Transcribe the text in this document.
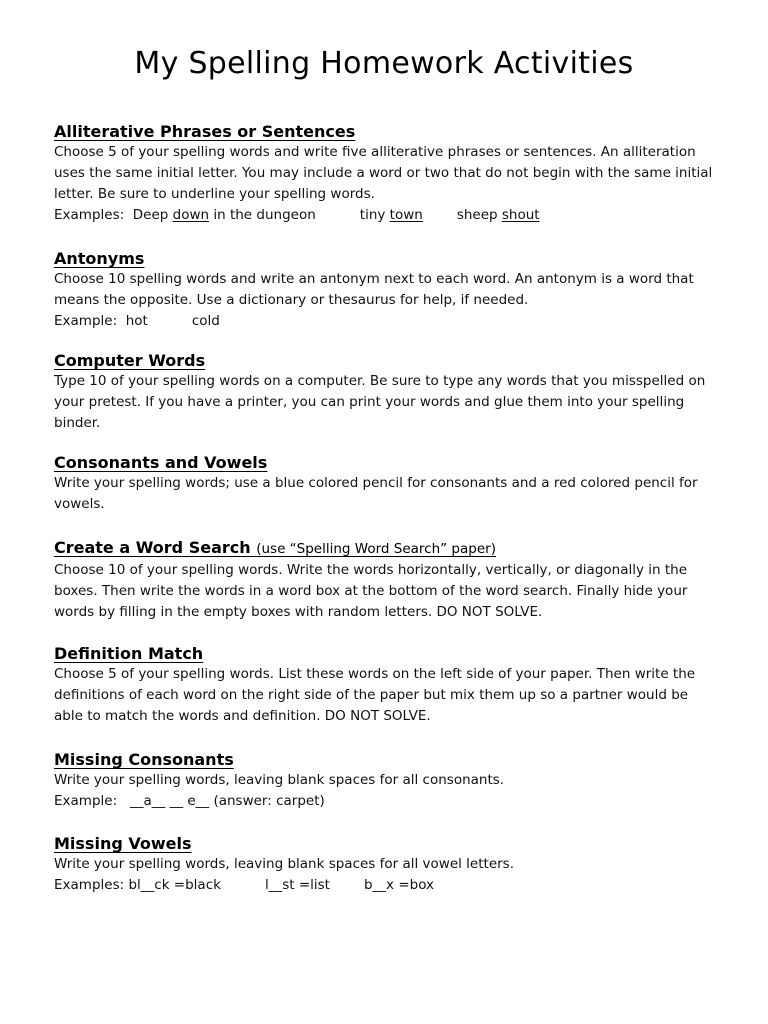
My Spelling Homework Activities
Alliterative Phrases or Sentences

Choose 5 of your spelling words and write five alliterative phrases or sentences. An alliteration uses the same initial letter. You may include a word or two that do not begin with the same initial letter. Be sure to underline your spelling words.

Examples: Deep down in the dungeon	tiny town	sheep shout
Antonyms

Choose 10 spelling words and write an antonym next to each word. An antonym is a word that means the opposite. Use a dictionary or thesaurus for help, if needed.

Example: hot	cold
Computer Words

Type 10 of your spelling words on a computer. Be sure to type any words that you misspelled on your pretest. If you have a printer, you can print your words and glue them into your spelling binder.

Consonants and Vowels

Write your spelling words; use a blue colored pencil for consonants and a red colored pencil for vowels.

Create a Word Search (use “Spelling Word Search” paper)

Choose 10 of your spelling words. Write the words horizontally, vertically, or diagonally in the boxes. Then write the words in a word box at the bottom of the word search. Finally hide your words by filling in the empty boxes with random letters. DO NOT SOLVE.

Definition Match

Choose 5 of your spelling words. List these words on the left side of your paper. Then write the definitions of each word on the right side of the paper but mix them up so a partner would be able to match the words and definition. DO NOT SOLVE.

Missing Consonants

Write your spelling words, leaving blank spaces for all consonants.

Example: __a__ __ e__ (answer: carpet)
Missing Vowels

Write your spelling words, leaving blank spaces for all vowel letters.

Examples: bl__ck =black	l__st =list	b__x =box
